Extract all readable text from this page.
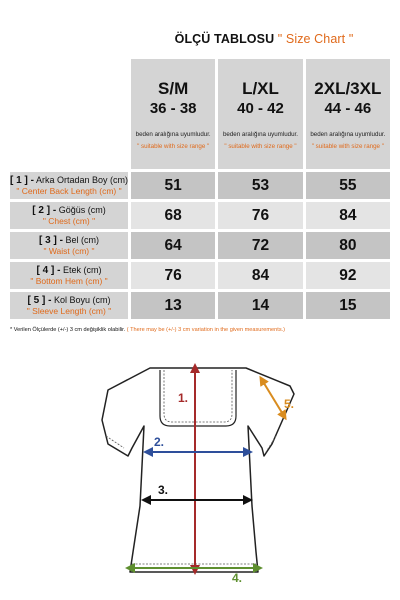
ÖLÇÜ TABLOSU " Size Chart "

	S/M
36 - 38
beden aralığına uyumludur.
" suitable with size range "	L/XL
40 - 42
beden aralığına uyumludur.
" suitable with size range "	2XL/3XL
44 - 46
beden aralığına uyumludur.
" suitable with size range "

[ 1 ] - Arka Ortadan Boy (cm)
" Center Back Length (cm) "	51	53	55
[ 2 ] - Göğüs (cm)
" Chest (cm) "	68	76	84
[ 3 ] - Bel (cm)
" Waist (cm) "	64	72	80
[ 4 ] - Etek (cm)
" Bottom Hem (cm) "	76	84	92
[ 5 ] - Kol Boyu (cm)
" Sleeve Length (cm) "	13	14	15
* Verilen Ölçülerde (+/-) 3 cm değişiklik olabilir. ( There may be (+/-) 3 cm variation in the given measurements.)
1.
2.
3.
4.
5.
